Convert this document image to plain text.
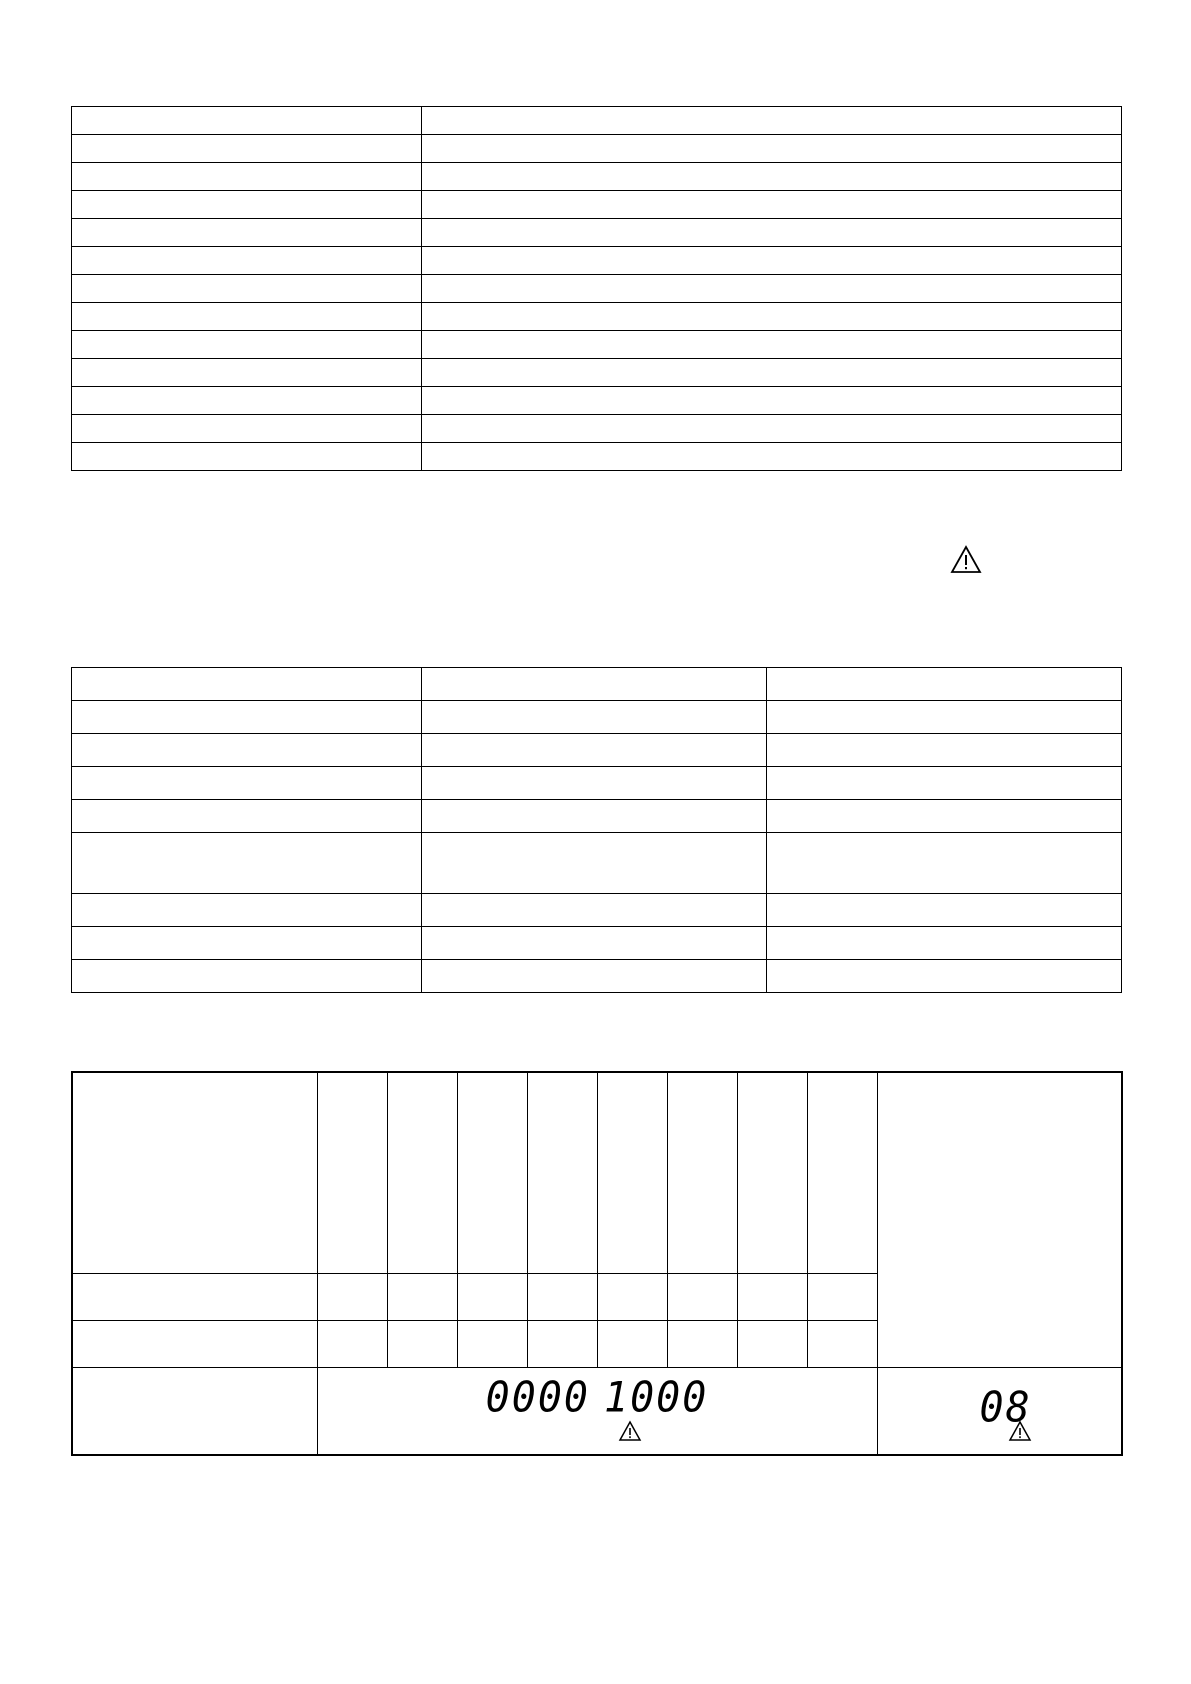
	0000 1000								08
